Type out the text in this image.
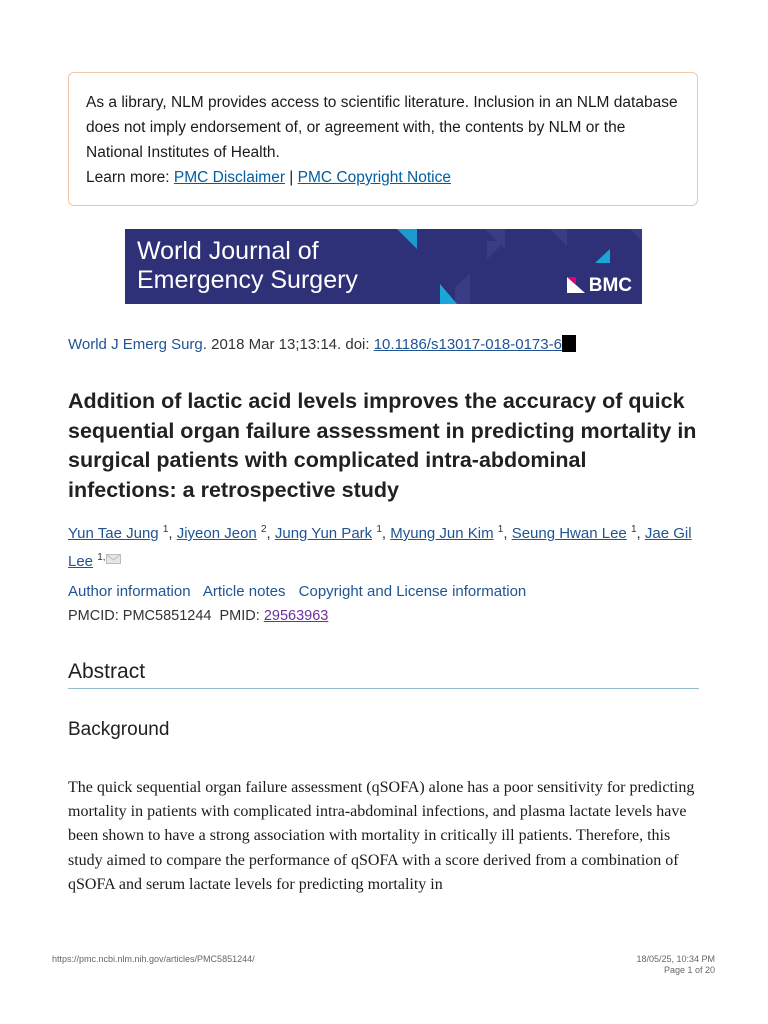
As a library, NLM provides access to scientific literature. Inclusion in an NLM database does not imply endorsement of, or agreement with, the contents by NLM or the National Institutes of Health.
Learn more: PMC Disclaimer | PMC Copyright Notice
World Journal of
Emergency Surgery	BMC
World J Emerg Surg. 2018 Mar 13;13:14. doi: 10.1186/s13017-018-0173-6
Addition of lactic acid levels improves the accuracy of quick sequential organ failure assessment in predicting mortality in surgical patients with complicated intra-abdominal infections: a retrospective study
Yun Tae Jung $^1$, Jiyeon Jeon $^2$, Jung Yun Park $^1$, Myung Jun Kim $^1$, Seung Hwan Lee $^1$, Jae Gil Lee $^{1,}$
Author information Article notes Copyright and License information
PMCID: PMC5851244 PMID: 29563963
Abstract
Background

The quick sequential organ failure assessment (qSOFA) alone has a poor sensitivity for predicting mortality in patients with complicated intra-abdominal infections, and plasma lactate levels have been shown to have a strong association with mortality in critically ill patients. Therefore, this study aimed to compare the performance of qSOFA with a score derived from a combination of qSOFA and serum lactate levels for predicting mortality in

https://pmc.ncbi.nlm.nih.gov/articles/PMC5851244/	18/05/25, 10:34 PM
Page 1 of 20
